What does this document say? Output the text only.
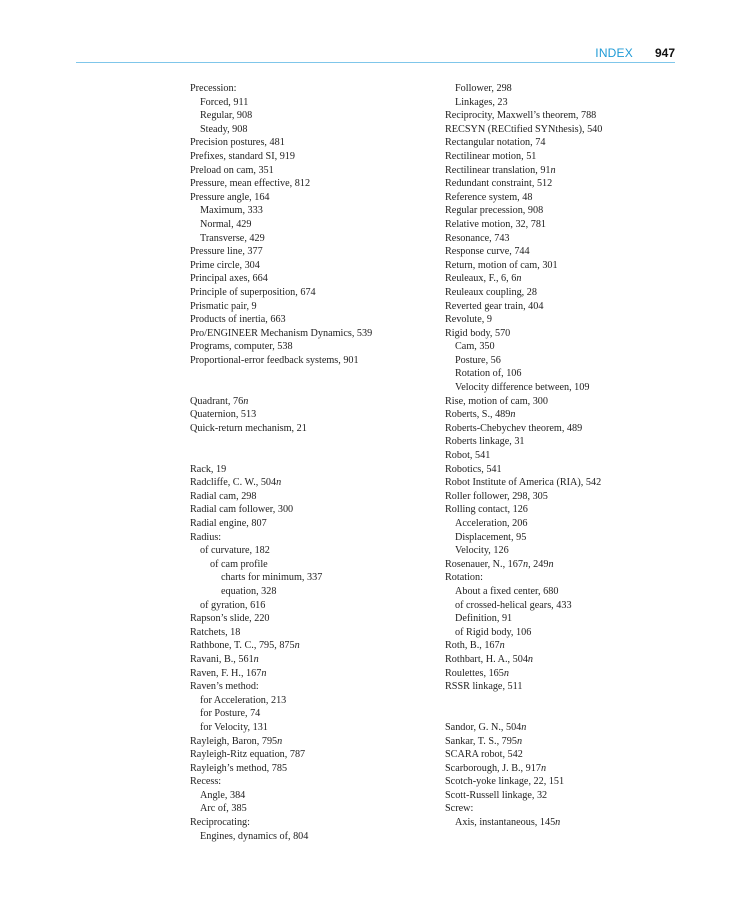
INDEX 947
Precession:
Forced, 911
Regular, 908
Steady, 908
Precision postures, 481
Prefixes, standard SI, 919
Preload on cam, 351
Pressure, mean effective, 812
Pressure angle, 164
Maximum, 333
Normal, 429
Transverse, 429
Pressure line, 377
Prime circle, 304
Principal axes, 664
Principle of superposition, 674
Prismatic pair, 9
Products of inertia, 663
Pro/ENGINEER Mechanism Dynamics, 539
Programs, computer, 538
Proportional-error feedback systems, 901
Quadrant, 76n
Quaternion, 513
Quick-return mechanism, 21
Rack, 19
Radcliffe, C. W., 504n
Radial cam, 298
Radial cam follower, 300
Radial engine, 807
Radius:
of curvature, 182
of cam profile
charts for minimum, 337
equation, 328
of gyration, 616
Rapson’s slide, 220
Ratchets, 18
Rathbone, T. C., 795, 875n
Ravani, B., 561n
Raven, F. H., 167n
Raven’s method:
for Acceleration, 213
for Posture, 74
for Velocity, 131
Rayleigh, Baron, 795n
Rayleigh-Ritz equation, 787
Rayleigh’s method, 785
Recess:
Angle, 384
Arc of, 385
Reciprocating:
Engines, dynamics of, 804
Follower, 298
Linkages, 23
Reciprocity, Maxwell’s theorem, 788
RECSYN (RECtified SYNthesis), 540
Rectangular notation, 74
Rectilinear motion, 51
Rectilinear translation, 91n
Redundant constraint, 512
Reference system, 48
Regular precession, 908
Relative motion, 32, 781
Resonance, 743
Response curve, 744
Return, motion of cam, 301
Reuleaux, F., 6, 6n
Reuleaux coupling, 28
Reverted gear train, 404
Revolute, 9
Rigid body, 570
Cam, 350
Posture, 56
Rotation of, 106
Velocity difference between, 109
Rise, motion of cam, 300
Roberts, S., 489n
Roberts-Chebychev theorem, 489
Roberts linkage, 31
Robot, 541
Robotics, 541
Robot Institute of America (RIA), 542
Roller follower, 298, 305
Rolling contact, 126
Acceleration, 206
Displacement, 95
Velocity, 126
Rosenauer, N., 167n, 249n
Rotation:
About a fixed center, 680
of crossed-helical gears, 433
Definition, 91
of Rigid body, 106
Roth, B., 167n
Rothbart, H. A., 504n
Roulettes, 165n
RSSR linkage, 511
Sandor, G. N., 504n
Sankar, T. S., 795n
SCARA robot, 542
Scarborough, J. B., 917n
Scotch-yoke linkage, 22, 151
Scott-Russell linkage, 32
Screw:
Axis, instantaneous, 145n
